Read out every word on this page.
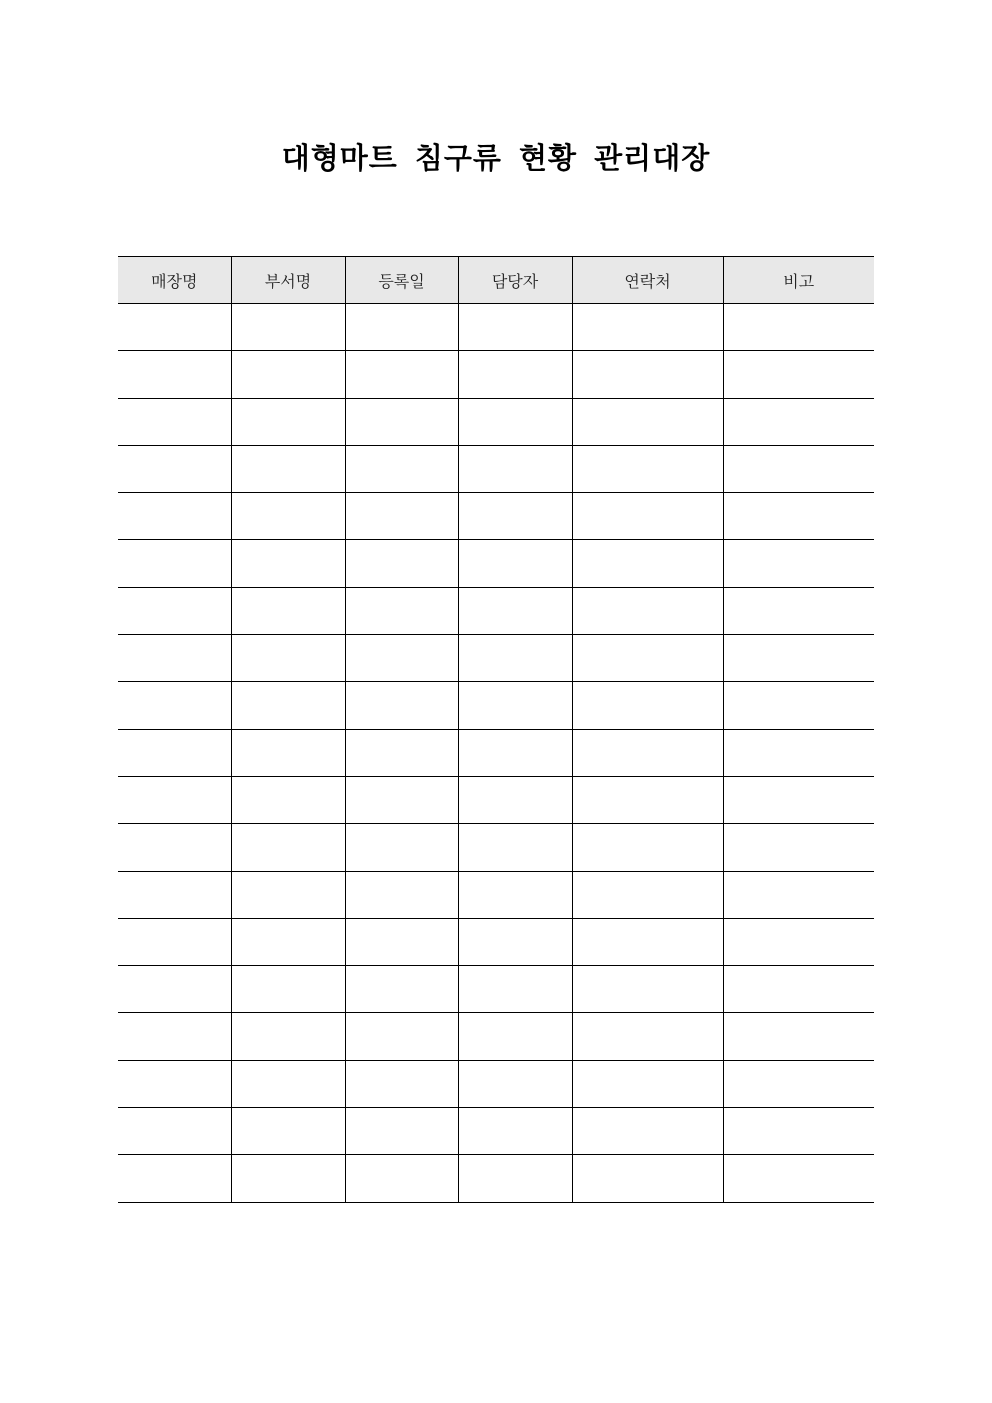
대형마트 침구류 현황 관리대장
매장명	부서명	등록일	담당자	연락처	비고
